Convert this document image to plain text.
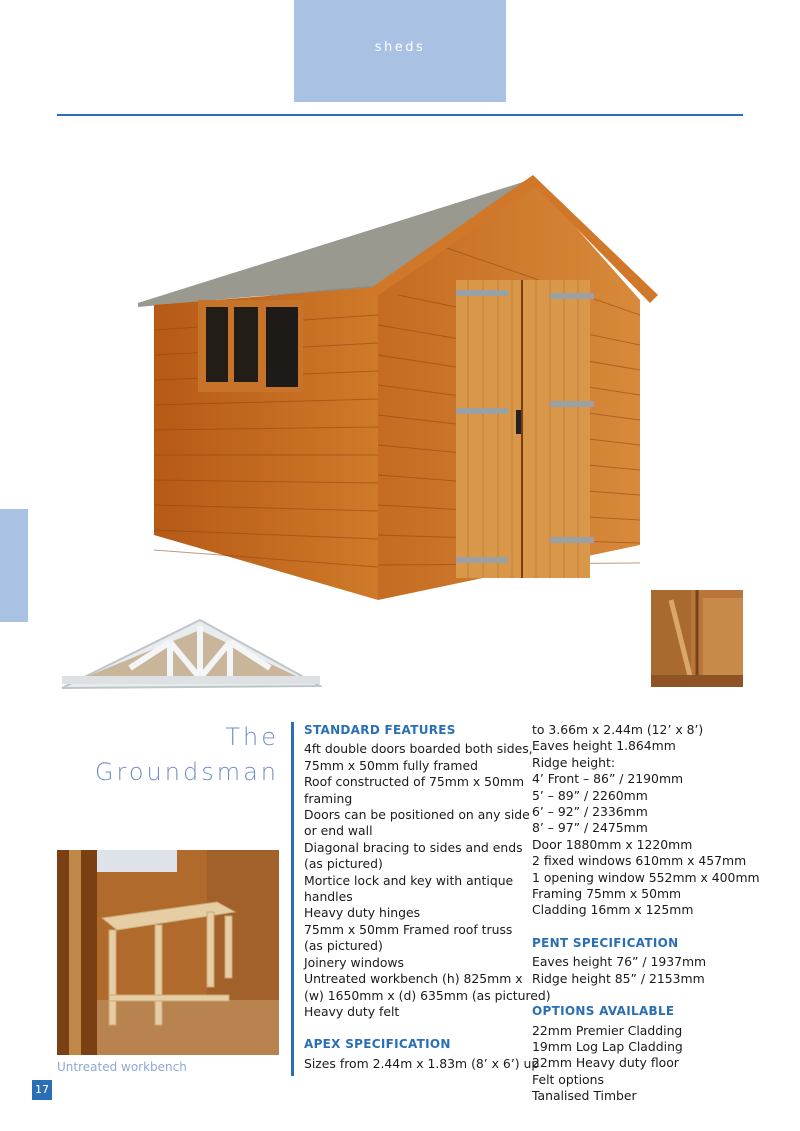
sheds
The
Groundsman
Untreated workbench
STANDARD FEATURES
4ft double doors boarded both sides,
75mm x 50mm fully framed
Roof constructed of 75mm x 50mm
framing
Doors can be positioned on any side
or end wall
Diagonal bracing to sides and ends
(as pictured)
Mortice lock and key with antique
handles
Heavy duty hinges
75mm x 50mm Framed roof truss
(as pictured)
Joinery windows
Untreated workbench (h) 825mm x
(w) 1650mm x (d) 635mm (as pictured)
Heavy duty felt
APEX SPECIFICATION
Sizes from 2.44m x 1.83m (8’ x 6’) up
to 3.66m x 2.44m (12’ x 8’)
Eaves height 1.864mm
Ridge height:
4’ Front – 86” / 2190mm
5’ – 89” / 2260mm
6’ – 92” / 2336mm
8’ – 97” / 2475mm
Door 1880mm x 1220mm
2 fixed windows 610mm x 457mm
1 opening window 552mm x 400mm
Framing 75mm x 50mm
Cladding 16mm x 125mm
PENT SPECIFICATION
Eaves height 76” / 1937mm
Ridge height 85” / 2153mm
OPTIONS AVAILABLE
22mm Premier Cladding
19mm Log Lap Cladding
22mm Heavy duty floor
Felt options
Tanalised Timber
17
